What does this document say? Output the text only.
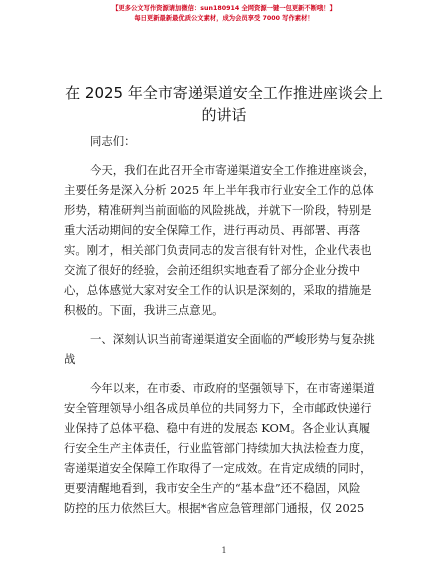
【更多公文写作资源请加微信：sun180914 全网资源一键一包更新不断哦！】
每日更新最新最优质公文素材，成为会员享受 7000 写作素材！
在 2025 年全市寄递渠道安全工作推进座谈会上
的讲话
同志们：
今天，我们在此召开全市寄递渠道安全工作推进座谈会，
主要任务是深入分析 2025 年上半年我市行业安全工作的总体
形势，精准研判当前面临的风险挑战，并就下一阶段，特别是
重大活动期间的安全保障工作，进行再动员、再部署、再落
实。刚才，相关部门负责同志的发言很有针对性，企业代表也
交流了很好的经验，会前还组织实地查看了部分企业分拨中
心，总体感觉大家对安全工作的认识是深刻的，采取的措施是
积极的。下面，我讲三点意见。
一、深刻认识当前寄递渠道安全面临的严峻形势与复杂挑
战
今年以来，在市委、市政府的坚强领导下，在市寄递渠道
安全管理领导小组各成员单位的共同努力下，全市邮政快递行
业保持了总体平稳、稳中有进的发展态 KOM。各企业认真履
行安全生产主体责任，行业监管部门持续加大执法检查力度，
寄递渠道安全保障工作取得了一定成效。在肯定成绩的同时，
更要清醒地看到，我市安全生产的“基本盘”还不稳固，风险
防控的压力依然巨大。根据*省应急管理部门通报，仅 2025
1
